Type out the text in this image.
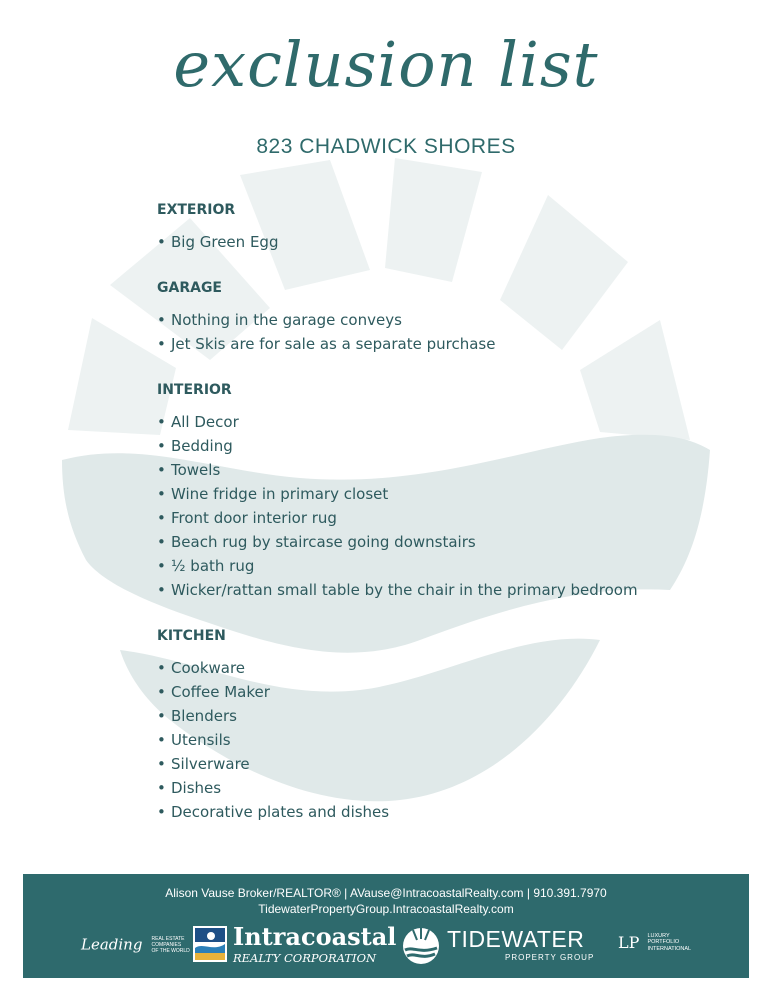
exclusion list
823 CHADWICK SHORES
EXTERIOR
• Big Green Egg
GARAGE
• Nothing in the garage conveys
• Jet Skis are for sale as a separate purchase
INTERIOR
• All Decor
• Bedding
• Towels
• Wine fridge in primary closet
• Front door interior rug
• Beach rug by staircase going downstairs
• ½ bath rug
• Wicker/rattan small table by the chair in the primary bedroom
KITCHEN
• Cookware
• Coffee Maker
• Blenders
• Utensils
• Silverware
• Dishes
• Decorative plates and dishes
Alison Vause Broker/REALTOR® | AVause@IntracoastalRealty.com | 910.391.7970
TidewaterPropertyGroup.IntracoastalRealty.com
Leading REAL ESTATE
COMPANIES
OF THE WORLD Intracoastal
REALTY CORPORATION
TIDEWATER
PROPERTY GROUP
LP LUXURY
PORTFOLIO
INTERNATIONAL
